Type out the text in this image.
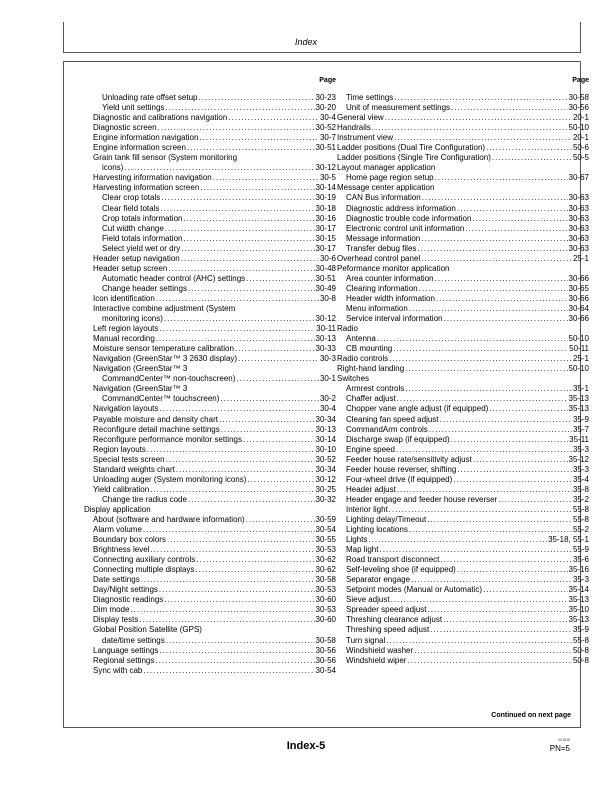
Index
Page
Unloading rate offset setup .....	30-23
Yield unit settings .....	30-20
Diagnostic and calibrations navigation .....	30-4
Diagnostic screen .....	30-52
Engine information navigation .....	30-7
Engine information screen .....	30-51
Grain tank fill sensor (System monitoring
icons) .....	30-12
Harvesting information navigation .....	30-5
Harvesting information screen .....	30-14
Clear crop totals .....	30-19
Clear field totals .....	30-18
Crop totals information .....	30-16
Cut width change .....	30-17
Field totals information .....	30-15
Select yield wet or dry .....	30-17
Header setup navigation .....	30-6
Header setup screen .....	30-48
Automatic header control (AHC) settings .....	30-51
Change header settings .....	30-49
Icon identification .....	30-8
Interactive combine adjustment (System
monitoring icons) .....	30-12
Left region layouts .....	30-11
Manual recording .....	30-13
Moisture sensor temperature calibration .....	30-33
Navigation (GreenStar™ 3 2630 display) .....	30-3
Navigation (GreenStar™ 3
CommandCenter™ non-touchscreen) .....	30-1
Navigation (GreenStar™ 3
CommandCenter™ touchscreen) .....	30-2
Navigation layouts .....	30-4
Payable moisture and density chart .....	30-34
Reconfigure detail machine settings .....	30-13
Reconfigure performance monitor settings .....	30-14
Region layouts .....	30-10
Special tests screen .....	30-52
Standard weights chart .....	30-34
Unloading auger (System monitoring icons) .....	30-12
Yield calibration .....	30-25
Change tire radius code .....	30-32
Display application
About (software and hardware information) .....	30-59
Alarm volume .....	30-54
Boundary box colors .....	30-55
Brightness level .....	30-53
Connecting auxiliary controls .....	30-62
Connecting multiple displays .....	30-62
Date settings .....	30-58
Day/Night settings .....	30-53
Diagnostic readings .....	30-60
Dim mode .....	30-53
Display tests .....	30-60
Global Position Satellite (GPS)
date/time settings .....	30-58
Language settings .....	30-56
Regional settings .....	30-56
Sync with cab .....	30-54
Page
Time settings .....	30-58
Unit of measurement settings .....	30-56
General view .....	20-1
Handrails .....	50-10
Instrument view .....	20-1
Ladder positions (Dual Tire Configuration) .....	50-6
Ladder positions (Single Tire Configuration) .....	50-5
Layout manager application
Home page region setup .....	30-67
Message center application
CAN Bus information .....	30-63
Diagnostic address information .....	30-63
Diagnostic trouble code information .....	30-63
Electronic control unit information .....	30-63
Message information .....	30-63
Transfer debug files .....	30-63
Overhead control panel .....	25-1
Peformance monitor application
Area counter information .....	30-66
Clearing information .....	30-65
Header width information .....	30-66
Menu information .....	30-64
Service interval information .....	30-66
Radio
Antenna .....	50-10
CB mounting .....	50-11
Radio controls .....	25-1
Right-hand landing .....	50-10
Switches
Armrest controls .....	35-1
Chaffer adjust .....	35-13
Chopper vane angle adjust (if equipped) .....	35-13
Cleaning fan speed adjust .....	35-9
CommandArm controls .....	35-7
Discharge swap (if equipped) .....	35-11
Engine speed .....	35-3
Feeder house rate/sensitivity adjust .....	35-12
Feeder house reverser, shifting .....	35-3
Four-wheel drive (if equipped) .....	35-4
Header adjust .....	35-8
Header engage and feeder house reverser .....	35-2
Interior light .....	55-8
Lighting delay/Timeout .....	55-8
Lighting locations .....	55-2
Lights .....	35-18, 55-1
Map light .....	55-9
Road transport disconnect .....	35-6
Self-leveling shoe (if equipped) .....	35-16
Separator engage .....	35-3
Setpoint modes (Manual or Automatic) .....	35-14
Sieve adjust .....	35-13
Spreader speed adjust .....	35-10
Threshing clearance adjust .....	35-13
Threshing speed adjust .....	35-9
Turn signal .....	55-8
Windshield washer .....	50-8
Windshield wiper .....	50-8
Continued on next page
Index-5	021815
PN=5
